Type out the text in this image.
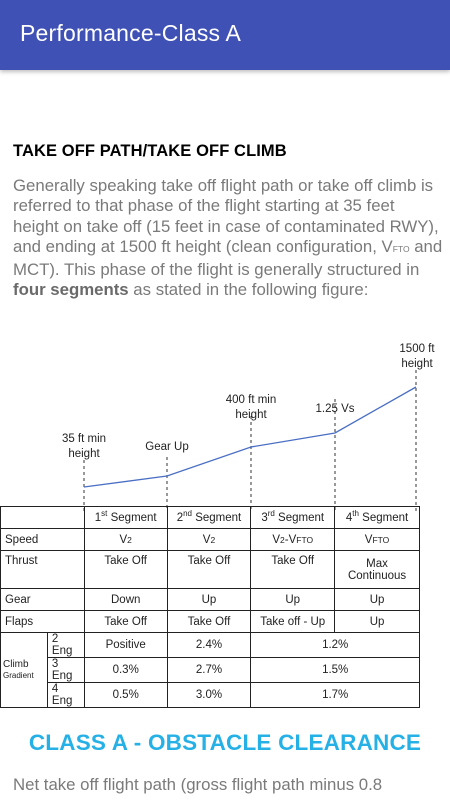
Performance-Class A
TAKE OFF PATH/TAKE OFF CLIMB
Generally speaking take off flight path or take off climb is referred to that phase of the flight starting at 35 feet height on take off (15 feet in case of contaminated RWY), and ending at 1500 ft height (clean configuration, VFTO and MCT). This phase of the flight is generally structured in four segments as stated in the following figure:
35 ft min
height
Gear Up
400 ft min
height	1.25 Vs
1500 ft
height
		1st Segment	2nd Segment	3rd Segment	4th Segment
Speed		V2	V2	V2-VFTO	VFTO
Thrust		Take Off	Take Off	Take Off	Max
Continuous

Gear		Down	Up	Up	Up
Flaps		Take Off	Take Off	Take off - Up	Up
Climb
Gradient	2 Eng	Positive	2.4%	1.2%	
	3 Eng	0.3%	2.7%	1.5%	
	4 Eng	0.5%	3.0%	1.7%	
CLASS A - OBSTACLE CLEARANCE
Net take off flight path (gross flight path minus 0.8
